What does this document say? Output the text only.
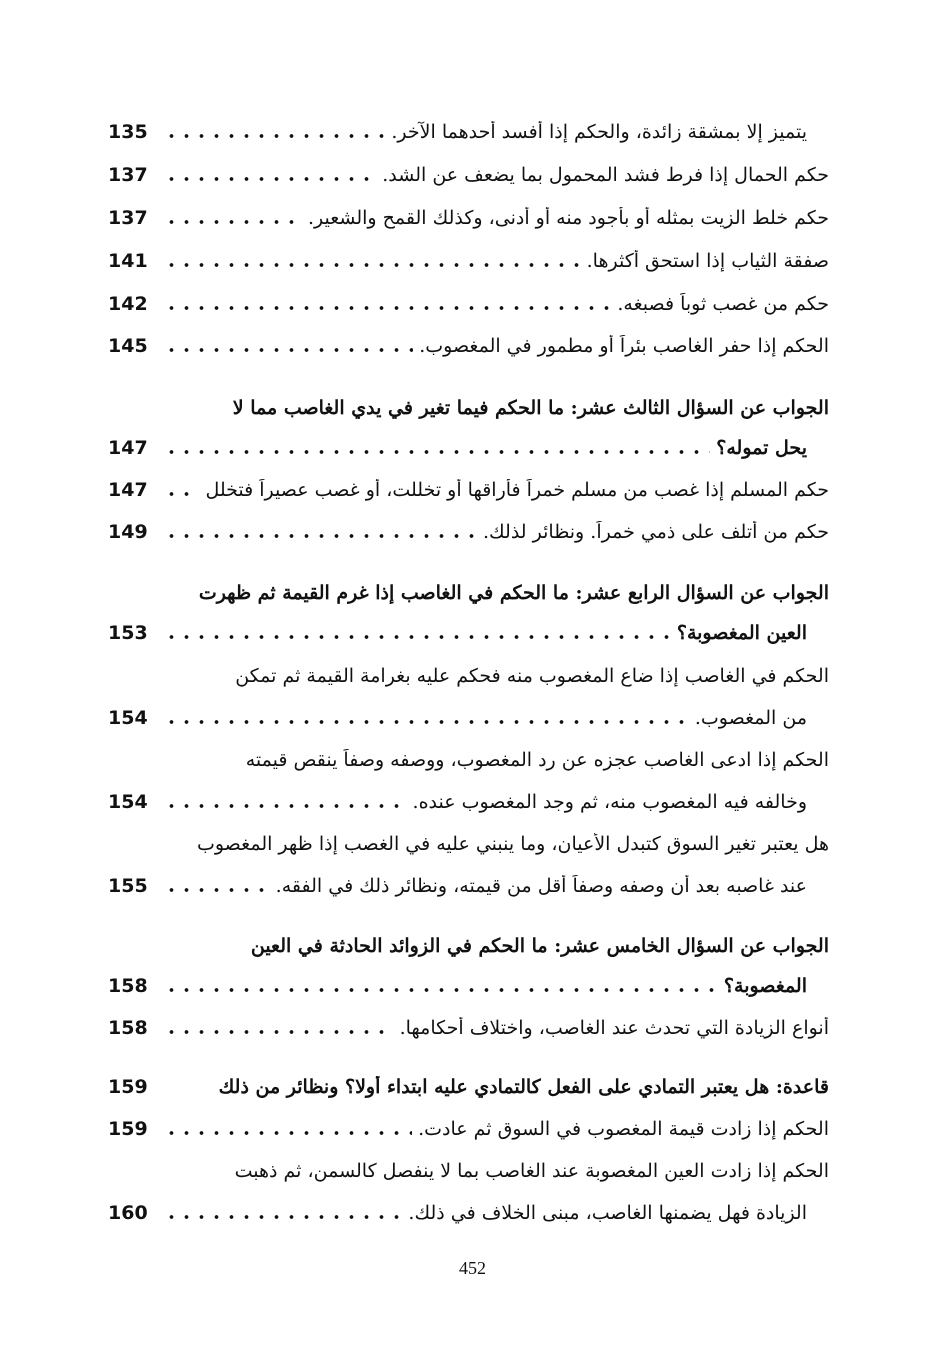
135	يتميز إلا بمشقة زائدة، والحكم إذا أفسد أحدهما الآخر.
137	حكم الحمال إذا فرط فشد المحمول بما يضعف عن الشد.
137	حكم خلط الزيت بمثله أو بأجود منه أو أدنى، وكذلك القمح والشعير.
141	صفقة الثياب إذا استحق أكثرها.
142	حكم من غصب ثوباً فصبغه.
145	الحكم إذا حفر الغاصب بئراً أو مطمور في المغصوب.
الجواب عن السؤال الثالث عشر: ما الحكم فيما تغير في يدي الغاصب مما لا
147	يحل تموله؟
147	حكم المسلم إذا غصب من مسلم خمراً فأراقها أو تخللت، أو غصب عصيراً فتخلل
149	حكم من أتلف على ذمي خمراً. ونظائر لذلك.
الجواب عن السؤال الرابع عشر: ما الحكم في الغاصب إذا غرم القيمة ثم ظهرت
153	العين المغصوبة؟
الحكم في الغاصب إذا ضاع المغصوب منه فحكم عليه بغرامة القيمة ثم تمكن
154	من المغصوب.
الحكم إذا ادعى الغاصب عجزه عن رد المغصوب، ووصفه وصفاً ينقص قيمته
154	وخالفه فيه المغصوب منه، ثم وجد المغصوب عنده.
هل يعتبر تغير السوق كتبدل الأعيان، وما ينبني عليه في الغصب إذا ظهر المغصوب
155	عند غاصبه بعد أن وصفه وصفاً أقل من قيمته، ونظائر ذلك في الفقه.
الجواب عن السؤال الخامس عشر: ما الحكم في الزوائد الحادثة في العين
158	المغصوبة؟
158	أنواع الزيادة التي تحدث عند الغاصب، واختلاف أحكامها.
159	قاعدة: هل يعتبر التمادي على الفعل كالتمادي عليه ابتداء أولا؟ ونظائر من ذلك
159	الحكم إذا زادت قيمة المغصوب في السوق ثم عادت.
الحكم إذا زادت العين المغصوبة عند الغاصب بما لا ينفصل كالسمن، ثم ذهبت
160	الزيادة فهل يضمنها الغاصب، مبنى الخلاف في ذلك.
452
